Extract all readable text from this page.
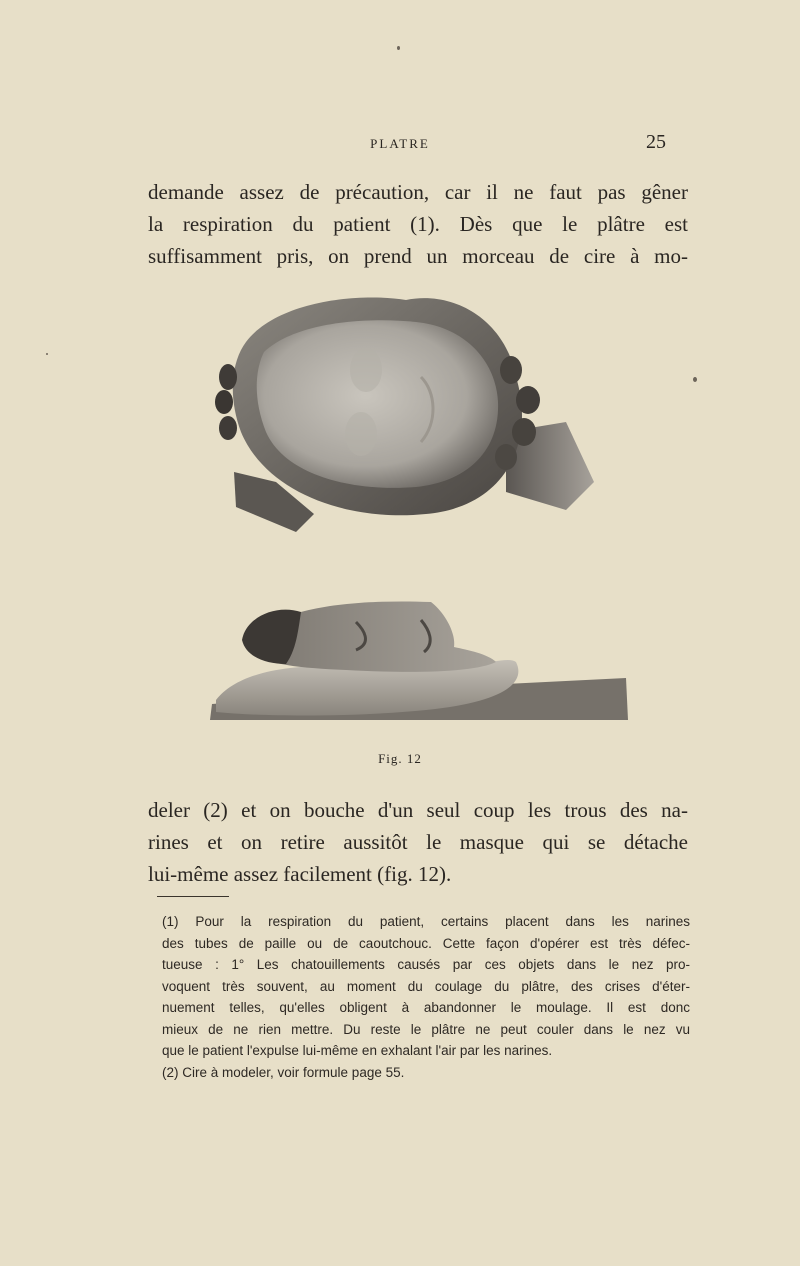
PLATRE	25
demande assez de précaution, car il ne faut pas gêner
la respiration du patient (1). Dès que le plâtre est
suffisamment pris, on prend un morceau de cire à mo-
Fig. 12
deler (2) et on bouche d'un seul coup les trous des na-
rines et on retire aussitôt le masque qui se détache
lui-même assez facilement (fig. 12).
(1) Pour la respiration du patient, certains placent dans les narines
des tubes de paille ou de caoutchouc. Cette façon d'opérer est très défec-
tueuse : 1° Les chatouillements causés par ces objets dans le nez pro-
voquent très souvent, au moment du coulage du plâtre, des crises d'éter-
nuement telles, qu'elles obligent à abandonner le moulage. Il est donc
mieux de ne rien mettre. Du reste le plâtre ne peut couler dans le nez vu
que le patient l'expulse lui-même en exhalant l'air par les narines.
(2) Cire à modeler, voir formule page 55.
